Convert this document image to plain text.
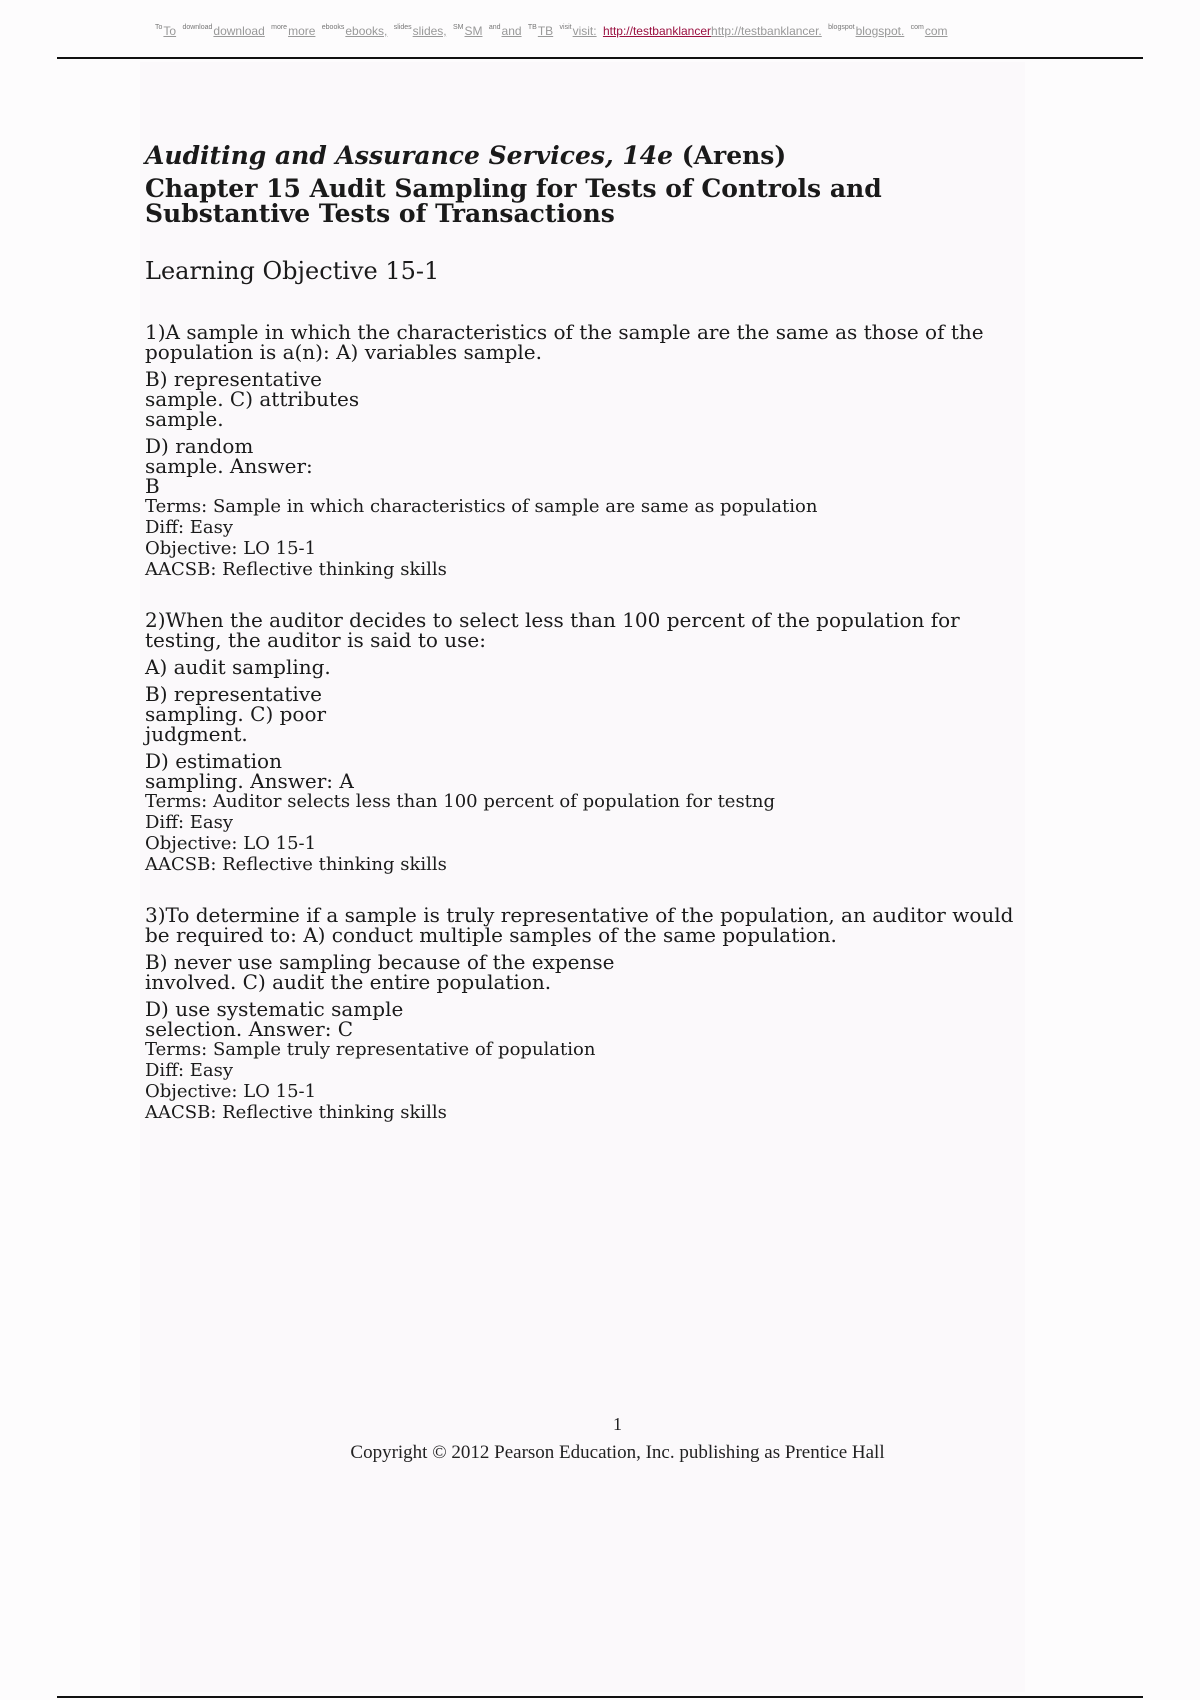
$^{To}$To $^{download}$download $^{more}$more $^{ebooks}$ebooks, $^{slides}$slides, ℠SM $^{and}$and $^{TB}$TB $^{visit}$visit: http://testbanklancerhttp://testbanklancer. $^{blogspot}$blogspot. $^{com}$com
Auditing and Assurance Services, 14e (Arens)
Chapter 15 Audit Sampling for Tests of Controls and
Substantive Tests of Transactions
Learning Objective 15-1

1)A sample in which the characteristics of the sample are the same as those of the

population is a(n): A) variables sample.

B) representative

sample. C) attributes

sample.

D) random

sample. Answer:

B

Terms: Sample in which characteristics of sample are same as population

Diff: Easy

Objective: LO 15-1

AACSB: Reflective thinking skills

2)When the auditor decides to select less than 100 percent of the population for

testing, the auditor is said to use:

A) audit sampling.

B) representative

sampling. C) poor

judgment.

D) estimation

sampling. Answer: A

Terms: Auditor selects less than 100 percent of population for testng

Diff: Easy

Objective: LO 15-1

AACSB: Reflective thinking skills

3)To determine if a sample is truly representative of the population, an auditor would

be required to: A) conduct multiple samples of the same population.

B) never use sampling because of the expense

involved. C) audit the entire population.

D) use systematic sample

selection. Answer: C

Terms: Sample truly representative of population

Diff: Easy

Objective: LO 15-1

AACSB: Reflective thinking skills

1
Copyright © 2012 Pearson Education, Inc. publishing as Prentice Hall
